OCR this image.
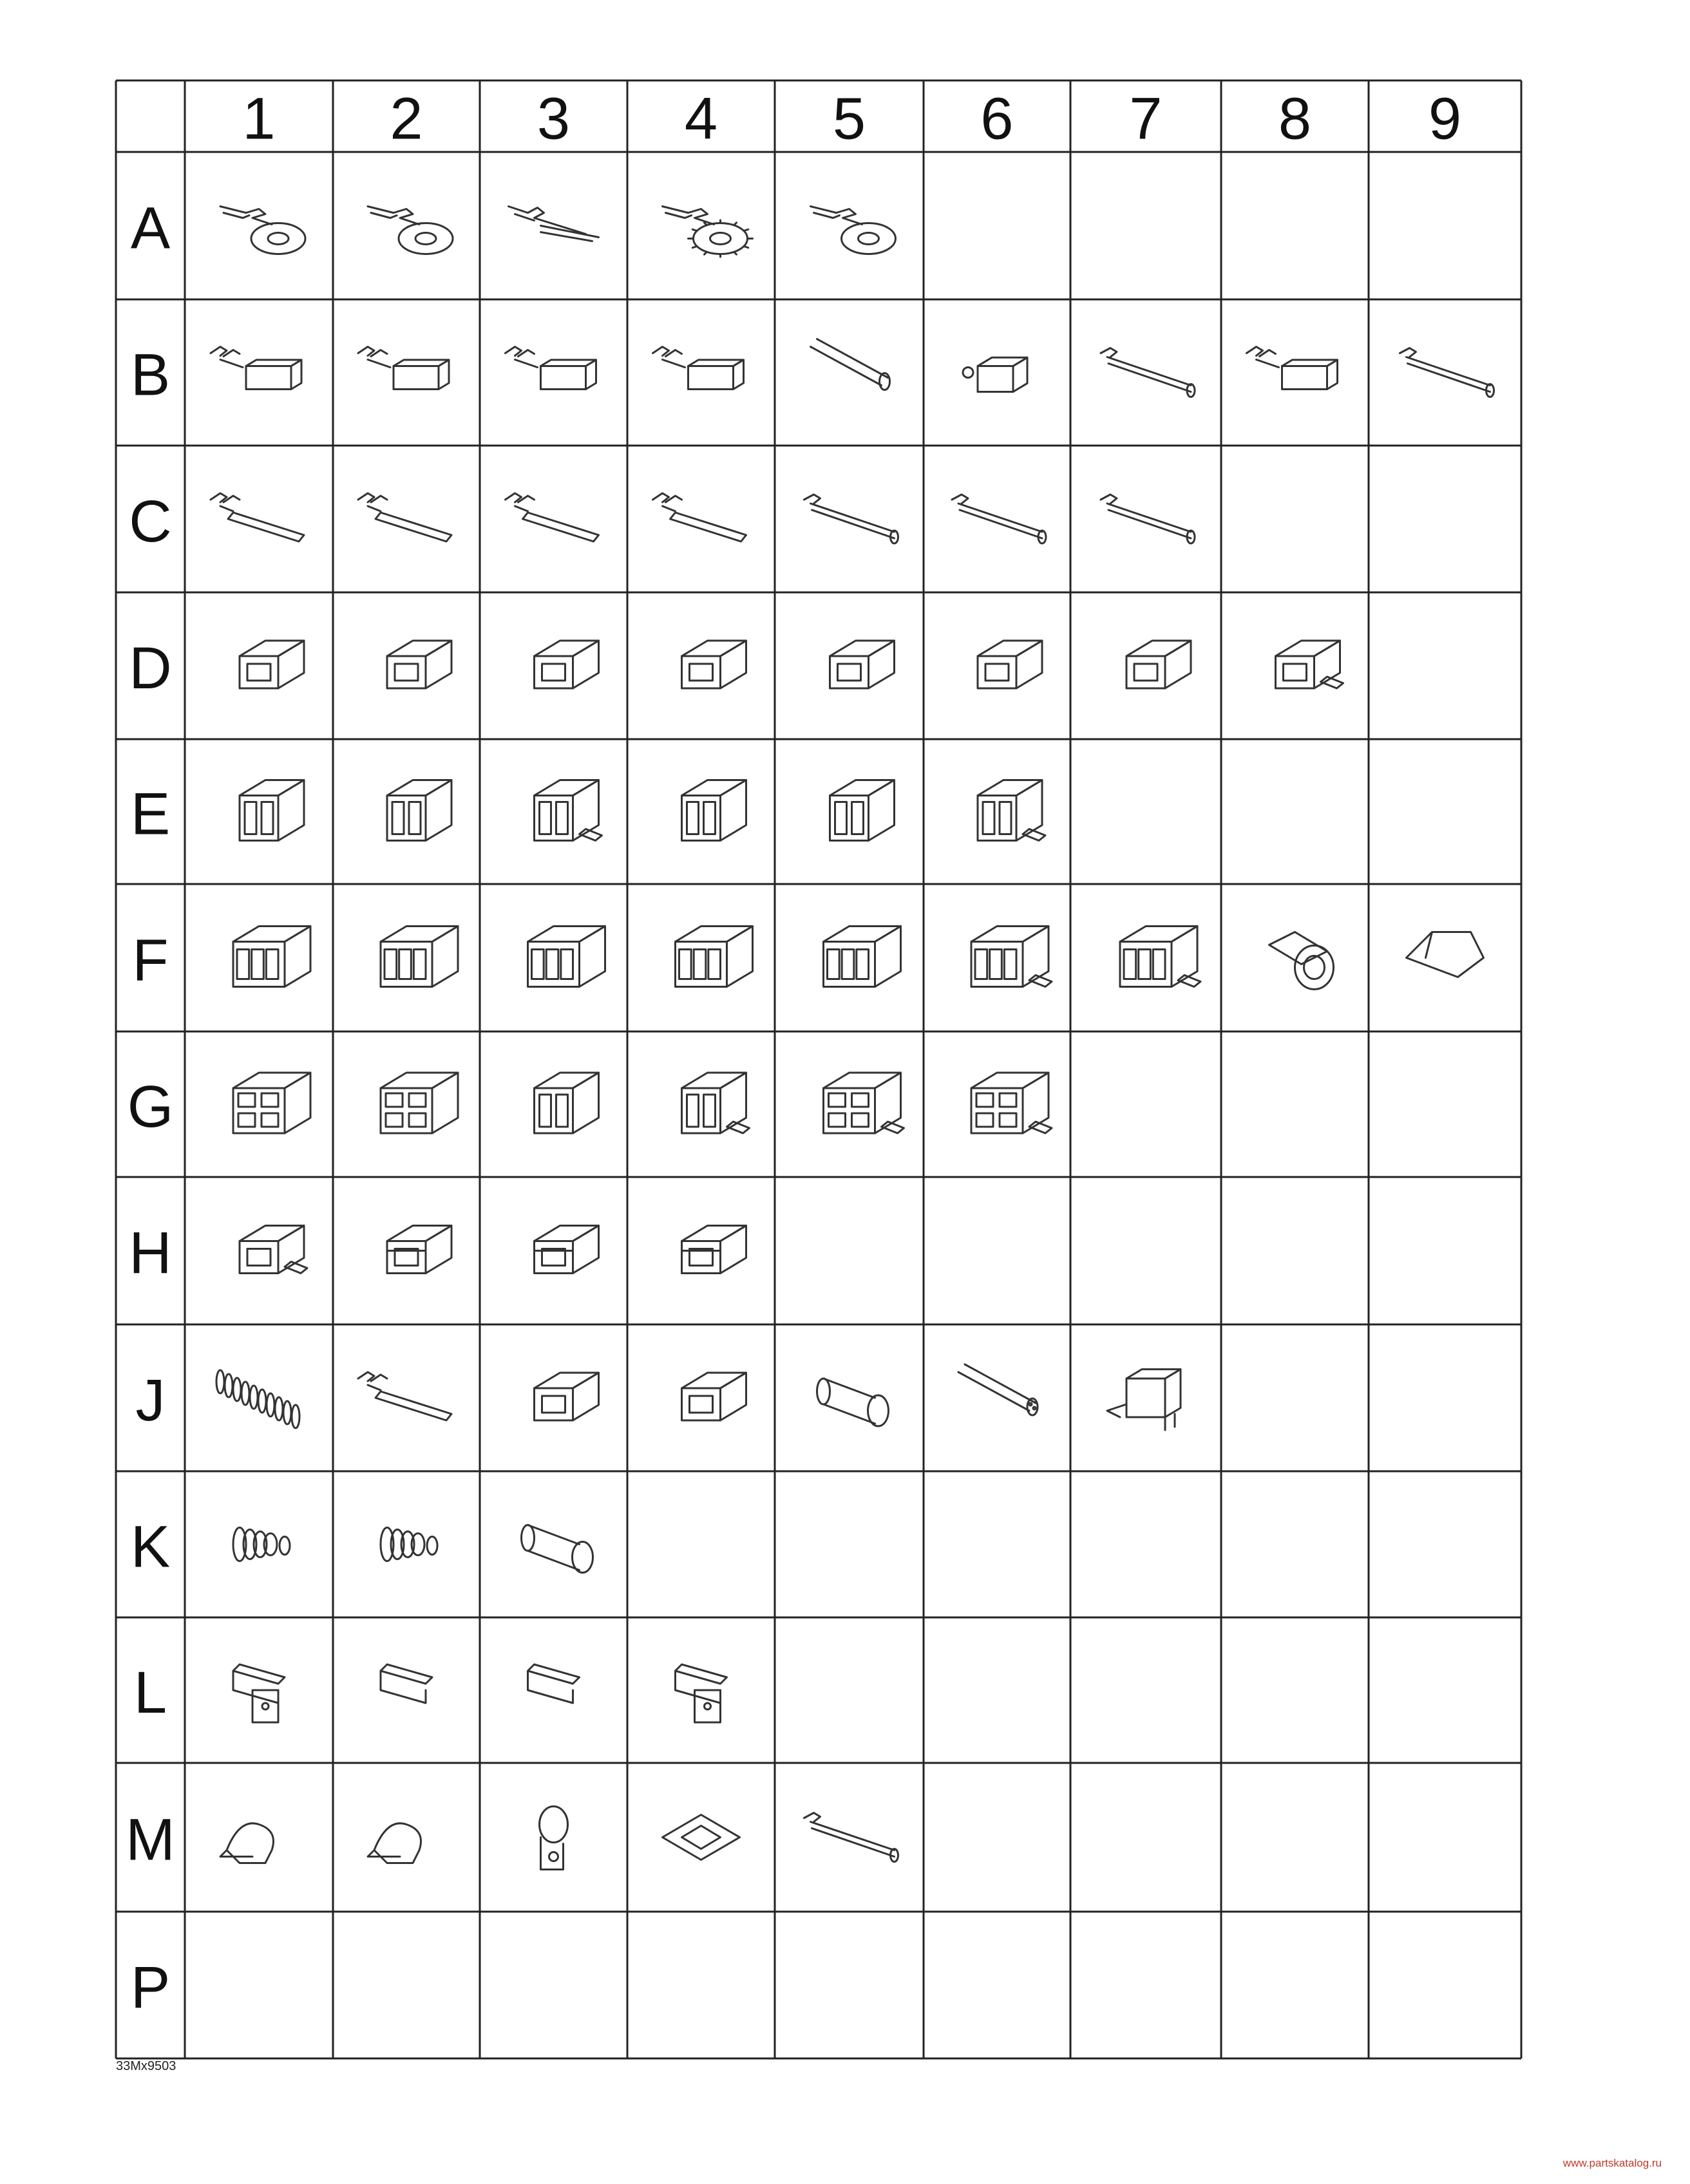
1 2 3 4 5 6 7 8 9
A
B
C
D
E
F
G
H
J
K
L
M
P
33Mx9503
www.partskatalog.ru
